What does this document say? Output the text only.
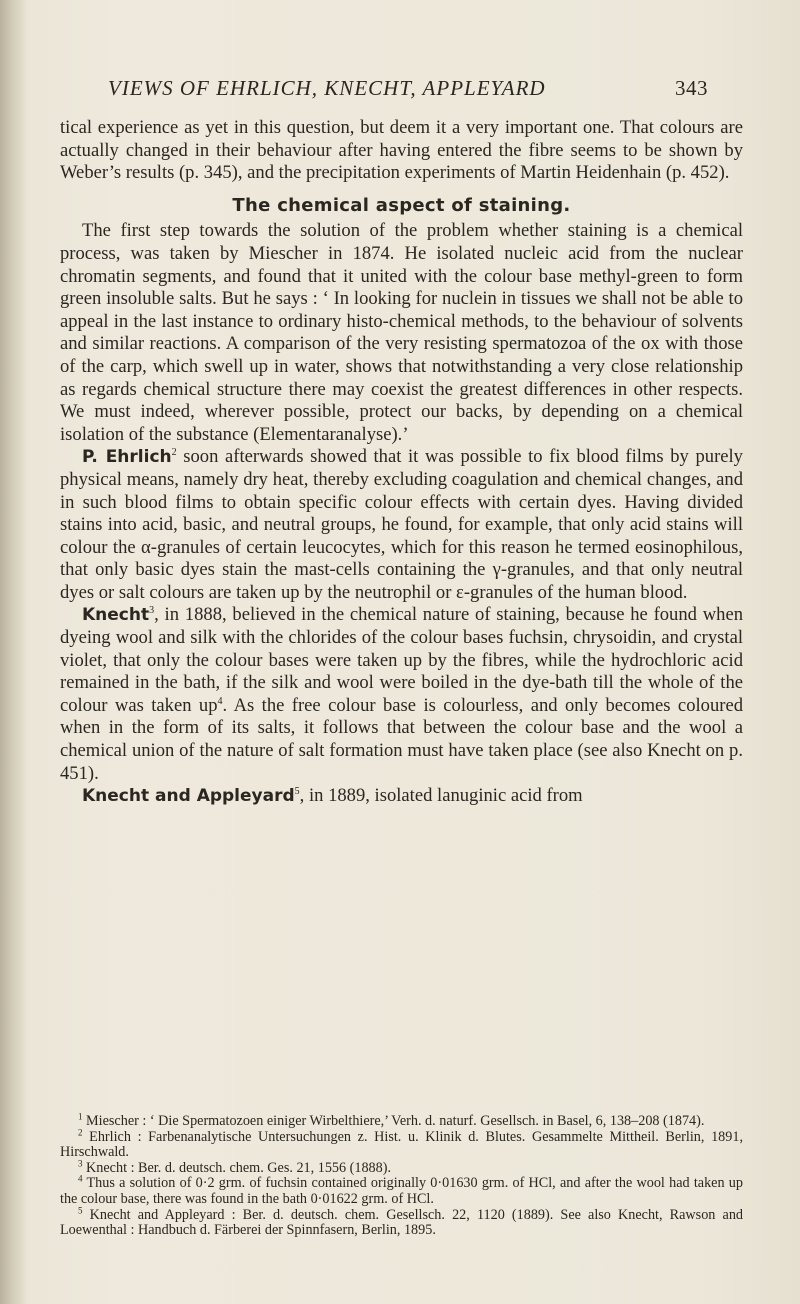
VIEWS OF EHRLICH, KNECHT, APPLEYARD	343

tical experience as yet in this question, but deem it a very important one. That colours are actually changed in their behaviour after having entered the fibre seems to be shown by Weber’s results (p. 345), and the precipitation experiments of Martin Heidenhain (p. 452).

The chemical aspect of staining.

The first step towards the solution of the problem whether staining is a chemical process, was taken by Miescher in 1874. He isolated nucleic acid from the nuclear chromatin segments, and found that it united with the colour base methyl-green to form green insoluble salts. But he says : ‘ In looking for nuclein in tissues we shall not be able to appeal in the last instance to ordinary histo-chemical methods, to the behaviour of solvents and similar reactions. A comparison of the very resisting spermatozoa of the ox with those of the carp, which swell up in water, shows that notwithstanding a very close relationship as regards chemical structure there may coexist the greatest differences in other respects. We must indeed, wherever possible, protect our backs, by depending on a chemical isolation of the substance (Elementaranalyse).’

P. Ehrlich$^2$ soon afterwards showed that it was possible to fix blood films by purely physical means, namely dry heat, thereby excluding coagulation and chemical changes, and in such blood films to obtain specific colour effects with certain dyes. Having divided stains into acid, basic, and neutral groups, he found, for example, that only acid stains will colour the α-granules of certain leucocytes, which for this reason he termed eosinophilous, that only basic dyes stain the mast-cells containing the γ-granules, and that only neutral dyes or salt colours are taken up by the neutrophil or ε-granules of the human blood.

Knecht$^3$, in 1888, believed in the chemical nature of staining, because he found when dyeing wool and silk with the chlorides of the colour bases fuchsin, chrysoidin, and crystal violet, that only the colour bases were taken up by the fibres, while the hydrochloric acid remained in the bath, if the silk and wool were boiled in the dye-bath till the whole of the colour was taken $up^4$. As the free colour base is colourless, and only becomes coloured when in the form of its salts, it follows that between the colour base and the wool a chemical union of the nature of salt formation must have taken place (see also Knecht on p. 451).

Knecht and Appleyard$^5$, in 1889, isolated lanuginic acid from

$^1$ Miescher : ‘ Die Spermatozoen einiger Wirbelthiere,’ Verh. d. naturf. Gesellsch. in Basel, 6, 138–208 (1874).

$^2$ Ehrlich : Farbenanalytische Untersuchungen z. Hist. u. Klinik d. Blutes. Gesammelte Mittheil. Berlin, 1891, Hirschwald.

$^3$ Knecht : Ber. d. deutsch. chem. Ges. 21, 1556 (1888).

$^4$ Thus a solution of 0·2 grm. of fuchsin contained originally 0·01630 grm. of HCl, and after the wool had taken up the colour base, there was found in the bath 0·01622 grm. of HCl.

$^5$ Knecht and Appleyard : Ber. d. deutsch. chem. Gesellsch. 22, 1120 (1889). See also Knecht, Rawson and Loewenthal : Handbuch d. Färberei der Spinnfasern, Berlin, 1895.
